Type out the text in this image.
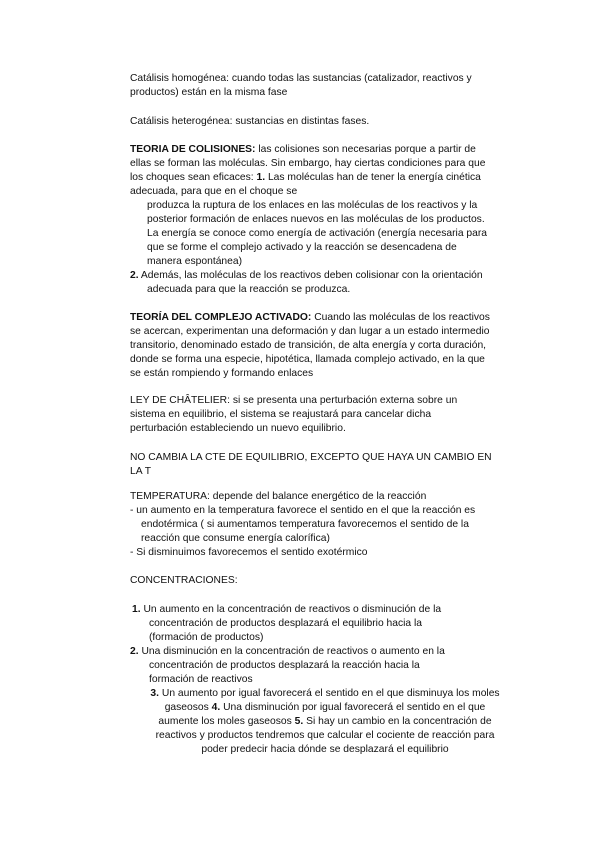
Catálisis homogénea: cuando todas las sustancias (catalizador, reactivos y
productos) están en la misma fase
Catálisis heterogénea: sustancias en distintas fases.
TEORIA DE COLISIONES: las colisiones son necesarias porque a partir de
ellas se forman las moléculas. Sin embargo, hay ciertas condiciones para que
los choques sean eficaces: 1. Las moléculas han de tener la energía cinética
adecuada, para que en el choque se
produzca la ruptura de los enlaces en las moléculas de los reactivos y la
posterior formación de enlaces nuevos en las moléculas de los productos.
La energía se conoce como energía de activación (energía necesaria para
que se forme el complejo activado y la reacción se desencadena de
manera espontánea)
2. Además, las moléculas de los reactivos deben colisionar con la orientación
adecuada para que la reacción se produzca.
TEORÍA DEL COMPLEJO ACTIVADO: Cuando las moléculas de los reactivos
se acercan, experimentan una deformación y dan lugar a un estado intermedio
transitorio, denominado estado de transición, de alta energía y corta duración,
donde se forma una especie, hipotética, llamada complejo activado, en la que
se están rompiendo y formando enlaces
LEY DE CHÂTELIER: si se presenta una perturbación externa sobre un
sistema en equilibrio, el sistema se reajustará para cancelar dicha
perturbación estableciendo un nuevo equilibrio.
NO CAMBIA LA CTE DE EQUILIBRIO, EXCEPTO QUE HAYA UN CAMBIO EN
LA T
TEMPERATURA: depende del balance energético de la reacción
- un aumento en la temperatura favorece el sentido en el que la reacción es
endotérmica ( si aumentamos temperatura favorecemos el sentido de la
reacción que consume energía calorífica)
- Si disminuimos favorecemos el sentido exotérmico
CONCENTRACIONES:
1. Un aumento en la concentración de reactivos o disminución de la
concentración de productos desplazará el equilibrio hacia la
(formación de productos)
2. Una disminución en la concentración de reactivos o aumento en la
concentración de productos desplazará la reacción hacia la
formación de reactivos
3. Un aumento por igual favorecerá el sentido en el que disminuya los moles
gaseosos 4. Una disminución por igual favorecerá el sentido en el que
aumente los moles gaseosos 5. Si hay un cambio en la concentración de
reactivos y productos tendremos que calcular el cociente de reacción para
poder predecir hacia dónde se desplazará el equilibrio
